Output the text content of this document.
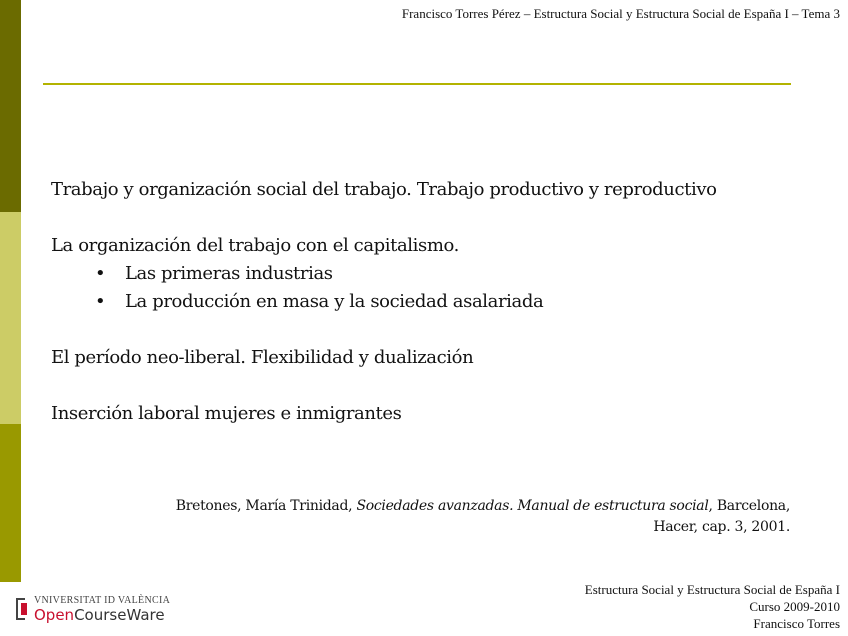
Francisco Torres Pérez – Estructura Social y Estructura Social de España I – Tema 3

Trabajo y organización social del trabajo. Trabajo productivo y reproductivo

La organización del trabajo con el capitalismo.

• Las primeras industrias
• La producción en masa y la sociedad asalariada

El período neo-liberal. Flexibilidad y dualización

Inserción laboral mujeres e inmigrantes

Bretones, María Trinidad, Sociedades avanzadas. Manual de estructura social, Barcelona,
Hacer, cap. 3, 2001.
VNIVERSITAT ID VALÈNCIA
OpenCourseWare
Estructura Social y Estructura Social de España I
Curso 2009-2010
Francisco Torres
